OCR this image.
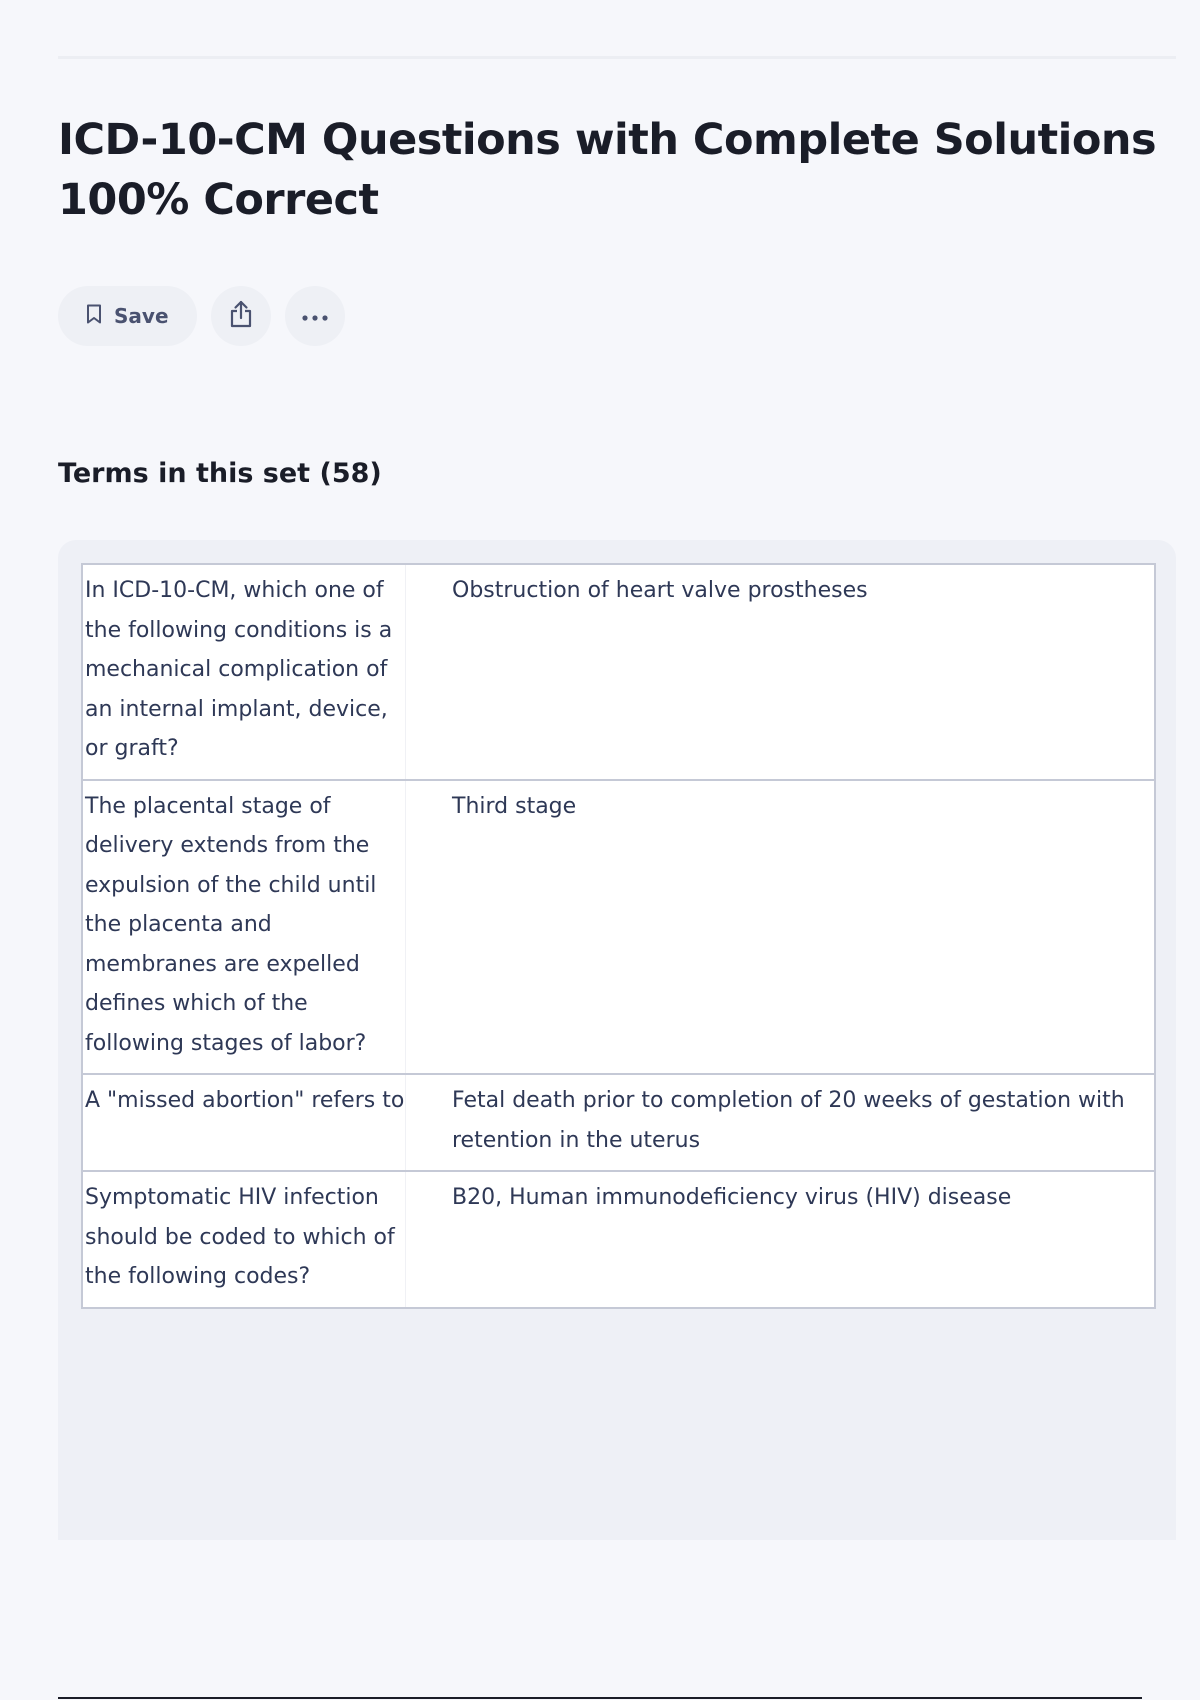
ICD-10-CM Questions with Complete Solutions 100% Correct
Save
Terms in this set (58)
In ICD-10-CM, which one of the following conditions is a mechanical complication of an internal implant, device, or graft?
Obstruction of heart valve prostheses
The placental stage of delivery extends from the expulsion of the child until the placenta and membranes are expelled defines which of the following stages of labor?
Third stage
A "missed abortion" refers to	Fetal death prior to completion of 20 weeks of gestation with retention in the uterus
Symptomatic HIV infection should be coded to which of the following codes?
B20, Human immunodeficiency virus (HIV) disease
